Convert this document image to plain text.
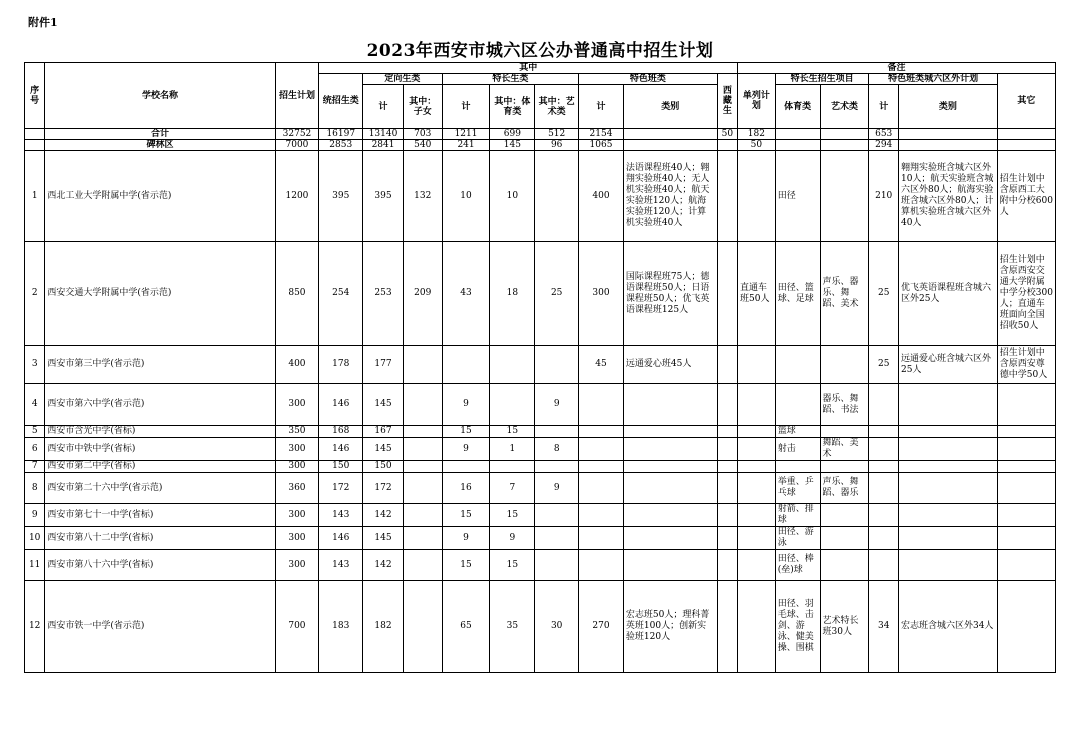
附件1
2023年西安市城六区公办普通高中招生计划
序号	学校名称	招生计划	其中									备注					
			统招生类	定向生类		特长生类			特色班类		西藏生	单列计划	特长生招生项目		特色班类城六区外计划		其它
				计	其中：子女	计	其中：体育类	其中：艺术类	计	类别			体育类	艺术类	计	类别	
	合计	32752	16197	13140	703	1211	699	512	2154		50	182			653		
	碑林区	7000	2853	2841	540	241	145	96	1065			50			294		
1	西北工业大学附属中学(省示范)	1200	395	395	132	10	10		400	法语课程班40人；翱翔实验班40人；无人机实验班40人；航天实验班120人；航海实验班120人；计算机实验班40人			田径		210	翱翔实验班含城六区外10人；航天实验班含城六区外80人；航海实验班含城六区外80人；计算机实验班含城六区外40人	招生计划中含原西工大附中分校600人
2	西安交通大学附属中学(省示范)	850	254	253	209	43	18	25	300	国际课程班75人；德语课程班50人；日语课程班50人；优飞英语课程班125人		直通车班50人	田径、篮球、足球	声乐、器乐、舞蹈、美术	25	优飞英语课程班含城六区外25人	招生计划中含原西安交通大学附属中学分校300人；直通车班面向全国招收50人
3	西安市第三中学(省示范)	400	178	177					45	远通爱心班45人					25	远通爱心班含城六区外25人	招生计划中含原西安尊德中学50人
4	西安市第六中学(省示范)	300	146	145		9		9						器乐、舞蹈、书法			
5	西安市含光中学(省标)	350	168	167		15	15						篮球				
6	西安市中铁中学(省标)	300	146	145		9	1	8					射击	舞蹈、美术			
7	西安市第二中学(省标)	300	150	150													
8	西安市第二十六中学(省示范)	360	172	172		16	7	9					举重、乒乓球	声乐、舞蹈、器乐			
9	西安市第七十一中学(省标)	300	143	142		15	15						射箭、排球				
10	西安市第八十二中学(省标)	300	146	145		9	9						田径、游泳				
11	西安市第八十六中学(省标)	300	143	142		15	15						田径、棒(垒)球				
12	西安市铁一中学(省示范)	700	183	182		65	35	30	270	宏志班50人；理科菁英班100人；创新实验班120人			田径、羽毛球、击剑、游泳、健美操、围棋	艺术特长班30人	34	宏志班含城六区外34人	
